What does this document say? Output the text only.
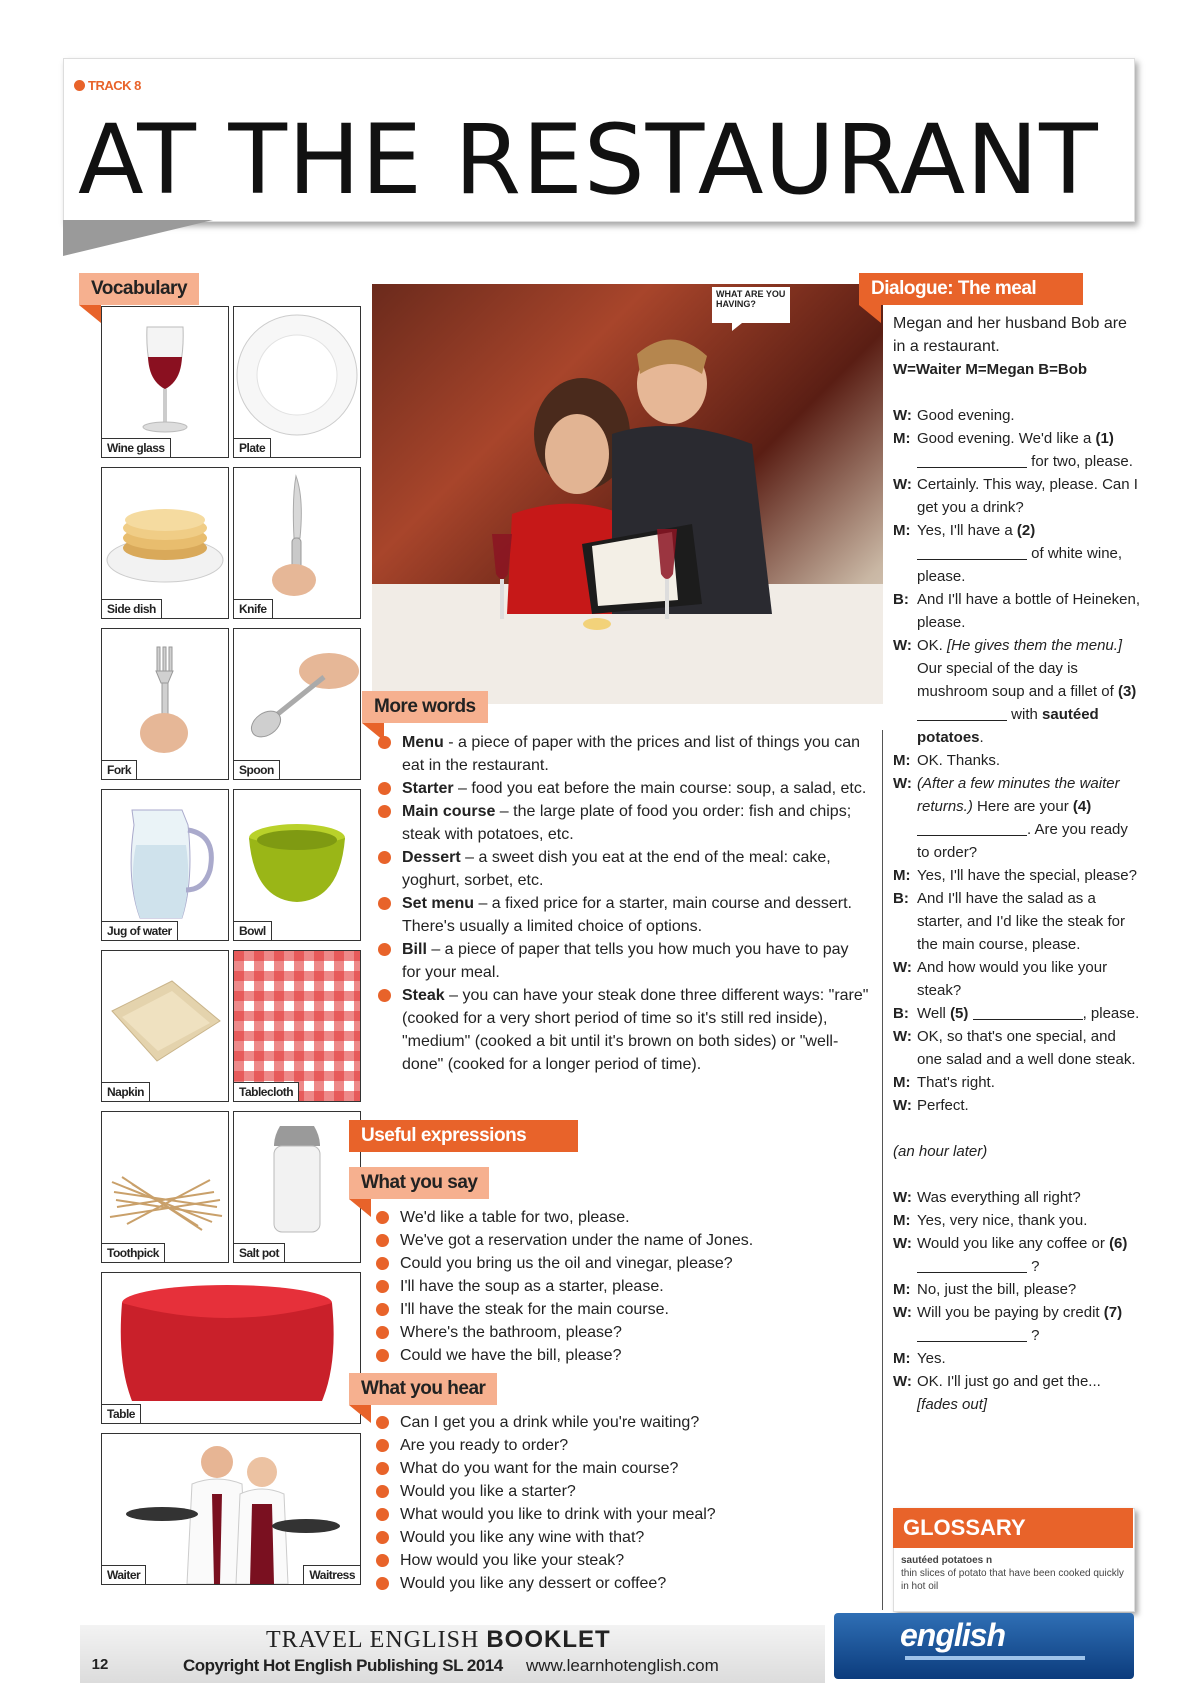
TRACK 8
AT THE RESTAURANT
Vocabulary
Wine glass	Plate
Side dish	Knife
Fork	Spoon
Jug of water	Bowl
Napkin	Tablecloth
Toothpick	Salt pot
Table
Waiter	Waitress
WHAT ARE YOU HAVING?
More words
Menu - a piece of paper with the prices and list of things you can eat in the restaurant.
Starter – food you eat before the main course: soup, a salad, etc.
Main course – the large plate of food you order: fish and chips; steak with potatoes, etc.
Dessert – a sweet dish you eat at the end of the meal: cake, yoghurt, sorbet, etc.
Set menu – a fixed price for a starter, main course and dessert. There's usually a limited choice of options.
Bill – a piece of paper that tells you how much you have to pay for your meal.
Steak – you can have your steak done three different ways: "rare" (cooked for a very short period of time so it's still red inside), "medium" (cooked a bit until it's brown on both sides) or "well-done" (cooked for a longer period of time).
Useful expressions
What you say
We'd like a table for two, please.
We've got a reservation under the name of Jones.
Could you bring us the oil and vinegar, please?
I'll have the soup as a starter, please.
I'll have the steak for the main course.
Where's the bathroom, please?
Could we have the bill, please?
What you hear
Can I get you a drink while you're waiting?
Are you ready to order?
What do you want for the main course?
Would you like a starter?
What would you like to drink with your meal?
Would you like any wine with that?
How would you like your steak?
Would you like any dessert or coffee?
Dialogue: The meal
Megan and her husband Bob are in a restaurant.
W=Waiter M=Megan B=Bob
W: Good evening.
M: Good evening. We'd like a (1)  for two, please.
W: Certainly. This way, please. Can I get you a drink?
M: Yes, I'll have a (2)  of white wine, please.
B: And I'll have a bottle of Heineken, please.
W: OK. [He gives them the menu.] Our special of the day is mushroom soup and a fillet of (3)  with sautéed potatoes.
M: OK. Thanks.
W: (After a few minutes the waiter returns.) Here are your (4) . Are you ready to order?
M: Yes, I'll have the special, please?
B: And I'll have the salad as a starter, and I'd like the steak for the main course, please.
W: And how would you like your steak?
B: Well (5)	, please.
W: OK, so that's one special, and one salad and a well done steak.
M: That's right.
W: Perfect.
(an hour later)
W: Was everything all right?
M: Yes, very nice, thank you.
W: Would you like any coffee or (6)  ?
M: No, just the bill, please?
W: Will you be paying by credit (7)  ?
M: Yes.
W: OK. I'll just go and get the... [fades out]
GLOSSARY
sautéed potatoes n
thin slices of potato that have been cooked quickly in hot oil
12
TRAVEL ENGLISH BOOKLET
Copyright Hot English Publishing SL 2014 www.learnhotenglish.com
english
